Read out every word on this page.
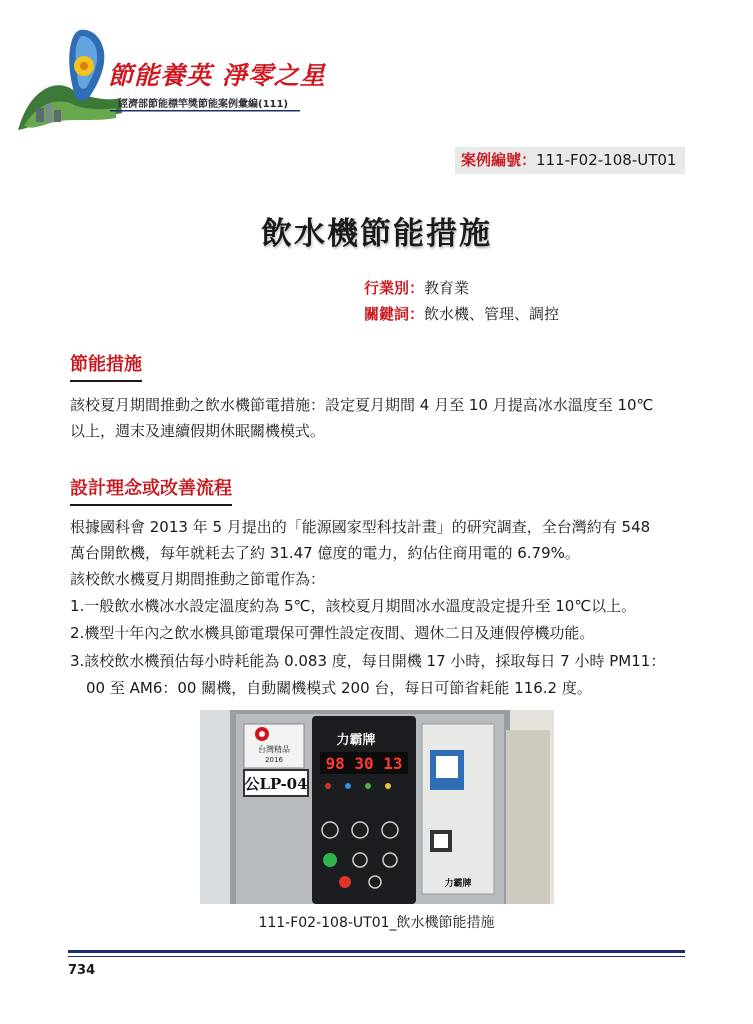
節能養英 淨零之星
經濟部節能標竿獎節能案例彙編(111)
案例編號：111-F02-108-UT01
飲水機節能措施
行業別：教育業
關鍵詞：飲水機、管理、調控
節能措施
該校夏月期間推動之飲水機節電措施：設定夏月期間 4 月至 10 月提高冰水溫度至 10℃
以上，週末及連續假期休眠關機模式。
設計理念或改善流程
根據國科會 2013 年 5 月提出的「能源國家型科技計畫」的研究調查，全台灣約有 548
萬台開飲機，每年就耗去了約 31.47 億度的電力，約佔住商用電的 6.79%。
該校飲水機夏月期間推動之節電作為：
1.一般飲水機冰水設定溫度約為 5℃，該校夏月期間冰水溫度設定提升至 10℃以上。
2.機型十年內之飲水機具節電環保可彈性設定夜間、週休二日及連假停機功能。
3.該校飲水機預估每小時耗能為 0.083 度，每日開機 17 小時，採取每日 7 小時 PM11：
00 至 AM6：00 關機，自動關機模式 200 台，每日可節省耗能 116.2 度。
台灣精品
2016
公LP-04
力霸牌
98 30 13
力霸牌
111-F02-108-UT01_飲水機節能措施
734
